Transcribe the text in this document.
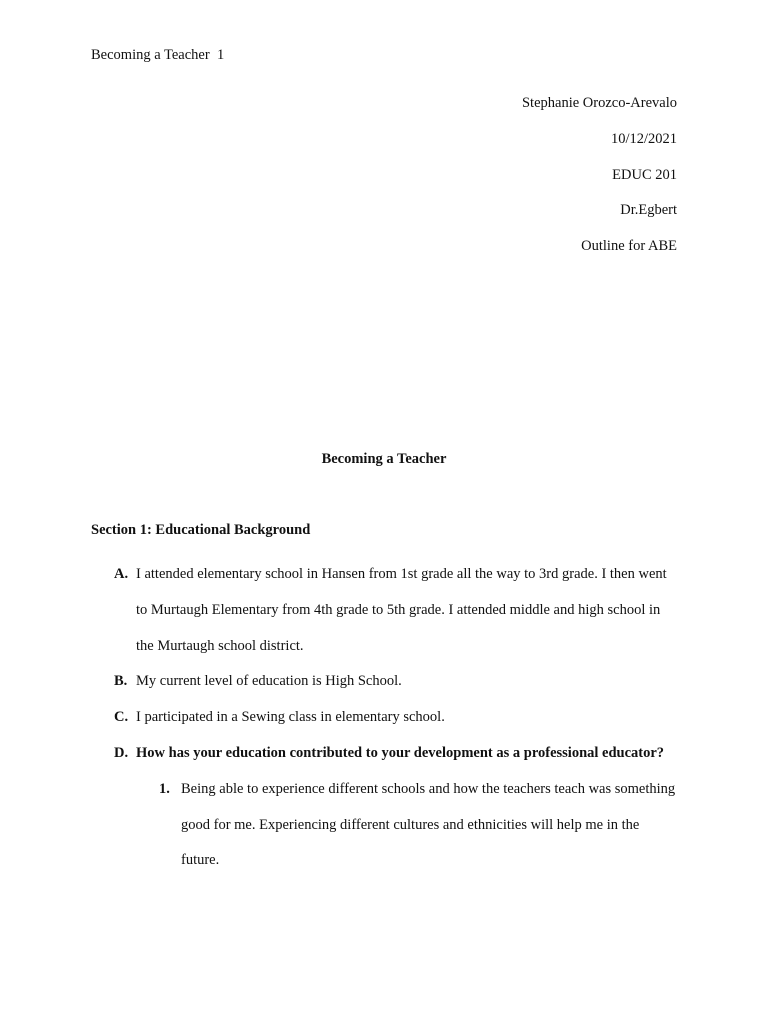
Becoming a Teacher  1
Stephanie Orozco-Arevalo
10/12/2021
EDUC 201
Dr.Egbert
Outline for ABE
Becoming a Teacher
Section 1: Educational Background
A. I attended elementary school in Hansen from 1st grade all the way to 3rd grade. I then went to Murtaugh Elementary from 4th grade to 5th grade. I attended middle and high school in the Murtaugh school district.
B. My current level of education is High School.
C. I participated in a Sewing class in elementary school.
D. How has your education contributed to your development as a professional educator?
1. Being able to experience different schools and how the teachers teach was something good for me. Experiencing different cultures and ethnicities will help me in the future.
